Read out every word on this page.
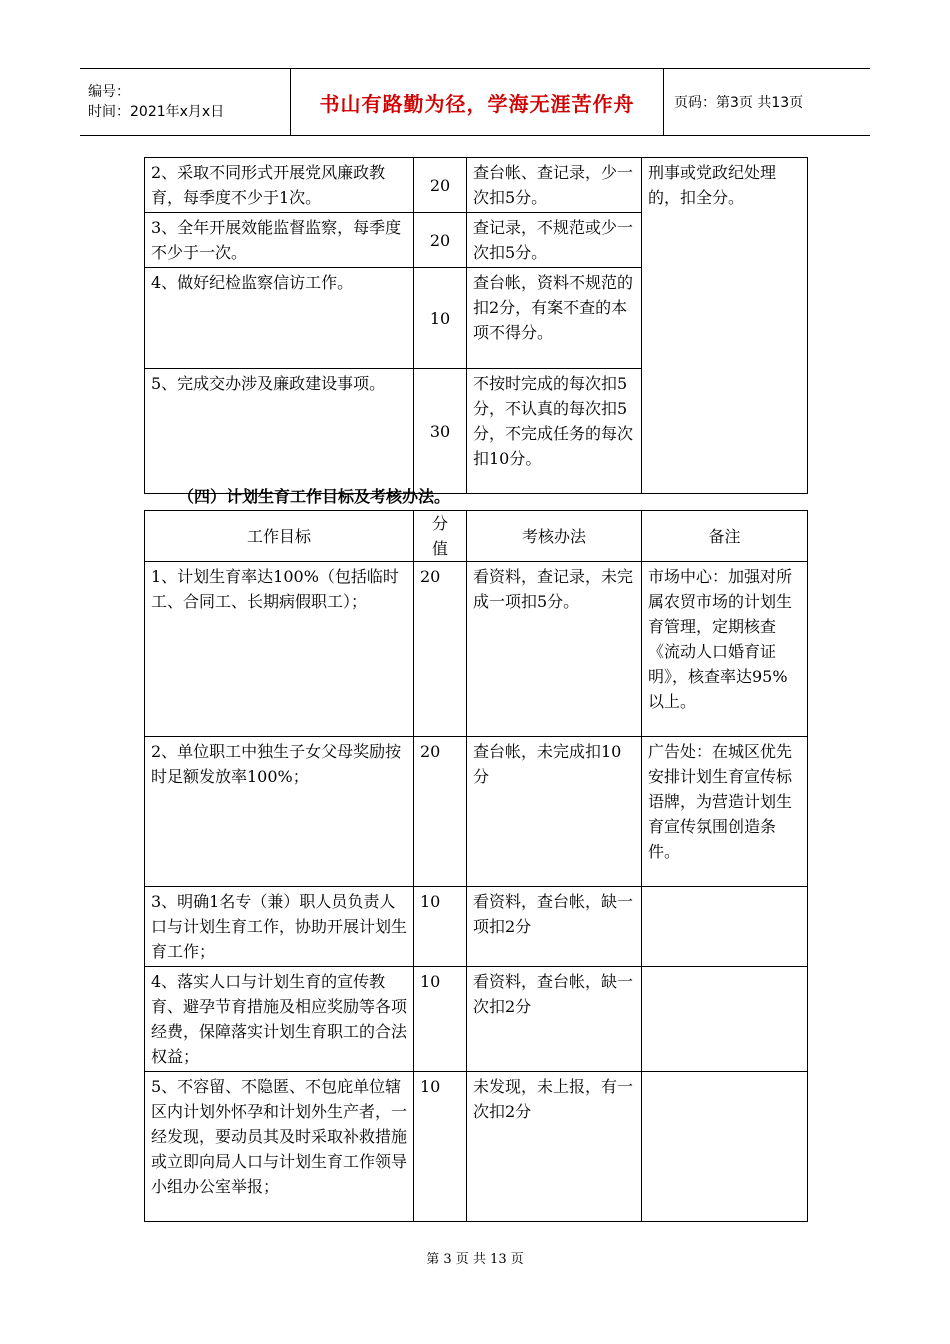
编号：
时间：2021年x月x日	书山有路勤为径，学海无涯苦作舟	页码：第3页 共13页
2、采取不同形式开展党风廉政教育，每季度不少于1次。	20	查台帐、查记录，少一次扣5分。	刑事或党政纪处理的，扣全分。
3、全年开展效能监督监察，每季度不少于一次。	20	查记录，不规范或少一次扣5分。	
4、做好纪检监察信访工作。	10	查台帐，资料不规范的扣2分，有案不查的本项不得分。	
5、完成交办涉及廉政建设事项。	30	不按时完成的每次扣5分，不认真的每次扣5分，不完成任务的每次扣10分。	
（四）计划生育工作目标及考核办法。
工作目标	分值	考核办法	备注
1、计划生育率达100%（包括临时工、合同工、长期病假职工）；	20	看资料，查记录，未完成一项扣5分。	市场中心：加强对所属农贸市场的计划生育管理，定期核查《流动人口婚育证明》，核查率达95%以上。
2、单位职工中独生子女父母奖励按时足额发放率100%；	20	查台帐，未完成扣10分	广告处：在城区优先安排计划生育宣传标语牌，为营造计划生育宣传氛围创造条件。
3、明确1名专（兼）职人员负责人口与计划生育工作，协助开展计划生育工作；	10	看资料，查台帐，缺一项扣2分	
4、落实人口与计划生育的宣传教育、避孕节育措施及相应奖励等各项经费，保障落实计划生育职工的合法权益；	10	看资料，查台帐，缺一次扣2分	
5、不容留、不隐匿、不包庇单位辖区内计划外怀孕和计划外生产者，一经发现，要动员其及时采取补救措施或立即向局人口与计划生育工作领导小组办公室举报；	10	未发现，未上报，有一次扣2分	
第 3 页 共 13 页
